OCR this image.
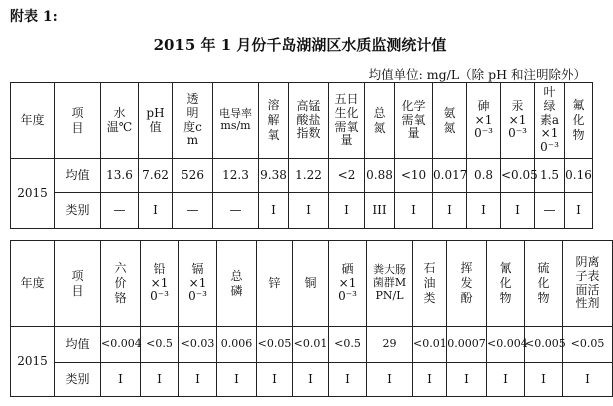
附表 1:
2015 年 1 月份千岛湖湖区水质监测统计值
均值单位: mg/L（除 pH 和注明除外）
年度	项目	水温℃	pH值	透明度cm	电导率ms/m	溶解氧	高锰酸盐指数	五日生化需氧量	总氮	化学需氧量	氨氮	砷×10⁻³	汞×10⁻³	叶绿素a×10⁻³	氟化物
2015	均值	13.6	7.62	526	12.3	9.38	1.22	<2	0.88	<10	0.017	0.8	<0.05	1.5	0.16
	类别	—	I	—	—	I	I	I	III	I	I	I	I	—	I
年度	项目	六价铬	铅×10⁻³	镉×10⁻³	总磷	锌	铜	硒×10⁻³	粪大肠菌群MPN/L	石油类	挥发酚	氰化物	硫化物	阴离子表面活性剂
2015	均值	<0.004	<0.5	<0.03	0.006	<0.05	<0.01	<0.5	29	<0.01	0.0007	<0.004	<0.005	<0.05
	类别	I	I	I	I	I	I	I	I	I	I	I	I	I
